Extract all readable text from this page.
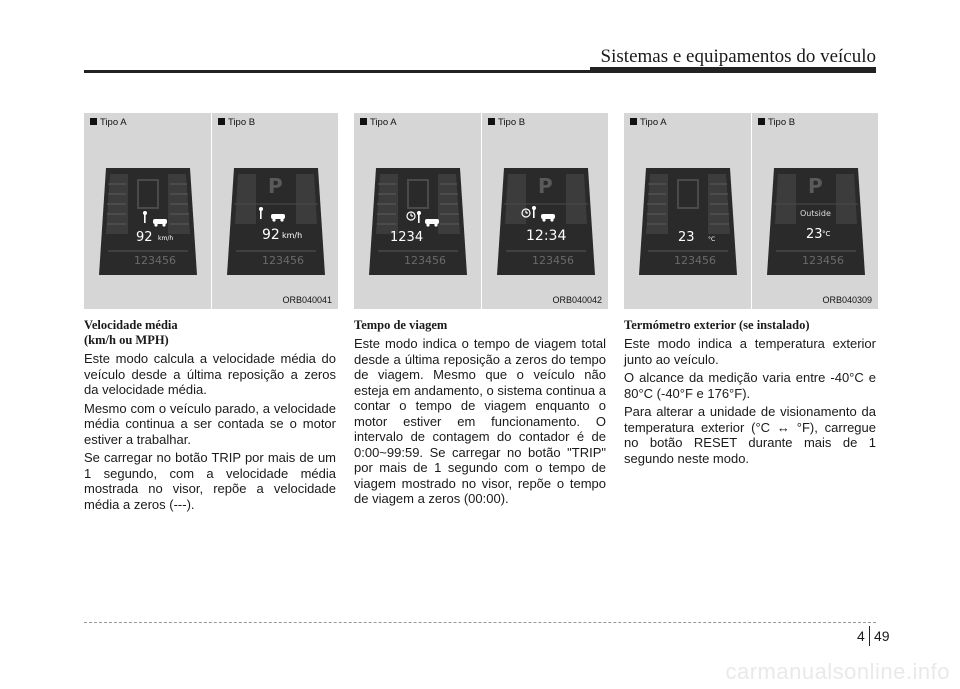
Sistemas e equipamentos do veículo
Tipo A
92 km/h
123456
Tipo B
P
92 km/h
123456
ORB040041
Tipo A
1234
123456
Tipo B
P
12:34
123456
ORB040042
Tipo A
23 °C
123456
Tipo B
P
Outside
23 °C
123456
ORB040309
Velocidade média
(km/h ou MPH)

Este modo calcula a velocidade média do veículo desde a última reposição a zeros da velocidade média.

Mesmo com o veículo parado, a velocidade média continua a ser contada se o motor estiver a trabalhar.

Se carregar no botão TRIP por mais de um 1 segundo, com a velocidade média mostrada no visor, repõe a velocidade média a zeros (---).

Tempo de viagem

Este modo indica o tempo de viagem total desde a última reposição a zeros do tempo de viagem. Mesmo que o veículo não esteja em andamento, o sistema continua a contar o tempo de viagem enquanto o motor estiver em funcionamento. O intervalo de contagem do contador é de 0:00~99:59. Se carregar no botão "TRIP" por mais de 1 segundo com o tempo de viagem mostrado no visor, repõe o tempo de viagem a zeros (00:00).

Termómetro exterior (se instalado)

Este modo indica a temperatura exterior junto ao veículo.

O alcance da medição varia entre -40°C e 80°C (-40°F e 176°F).

Para alterar a unidade de visionamento da temperatura exterior (°C ↔ °F), carregue no botão RESET durante mais de 1 segundo neste modo.

4 49
carmanualsonline.info
